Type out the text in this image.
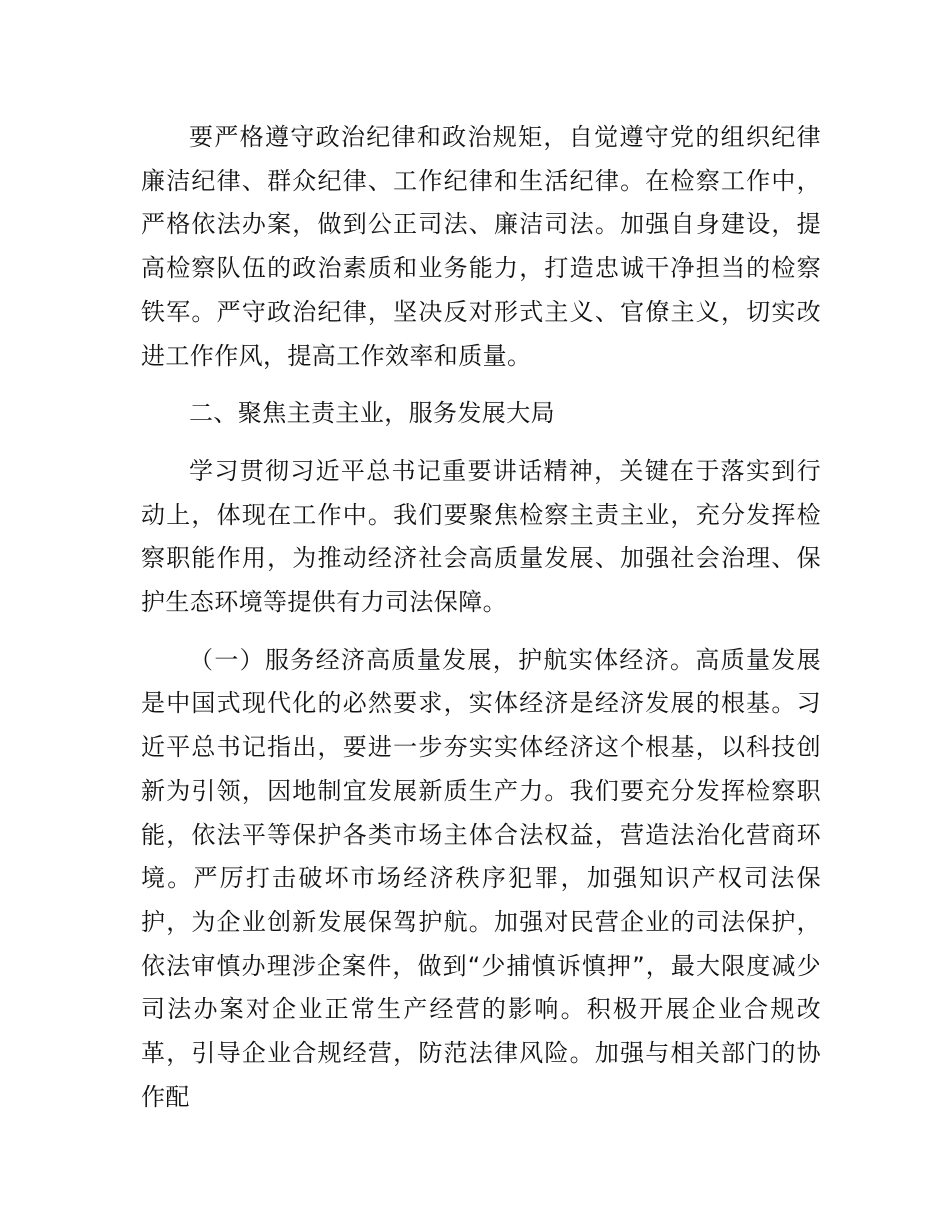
要严格遵守政治纪律和政治规矩，自觉遵守党的组织纪律廉洁纪律、群众纪律、工作纪律和生活纪律。在检察工作中，严格依法办案，做到公正司法、廉洁司法。加强自身建设，提高检察队伍的政治素质和业务能力，打造忠诚干净担当的检察铁军。严守政治纪律，坚决反对形式主义、官僚主义，切实改进工作作风，提高工作效率和质量。

二、聚焦主责主业，服务发展大局

学习贯彻习近平总书记重要讲话精神，关键在于落实到行动上，体现在工作中。我们要聚焦检察主责主业，充分发挥检察职能作用，为推动经济社会高质量发展、加强社会治理、保护生态环境等提供有力司法保障。

（一）服务经济高质量发展，护航实体经济。高质量发展是中国式现代化的必然要求，实体经济是经济发展的根基。习近平总书记指出，要进一步夯实实体经济这个根基，以科技创新为引领，因地制宜发展新质生产力。我们要充分发挥检察职能，依法平等保护各类市场主体合法权益，营造法治化营商环境。严厉打击破坏市场经济秩序犯罪，加强知识产权司法保护，为企业创新发展保驾护航。加强对民营企业的司法保护，依法审慎办理涉企案件，做到“少捕慎诉慎押”，最大限度减少司法办案对企业正常生产经营的影响。积极开展企业合规改革，引导企业合规经营，防范法律风险。加强与相关部门的协作配
